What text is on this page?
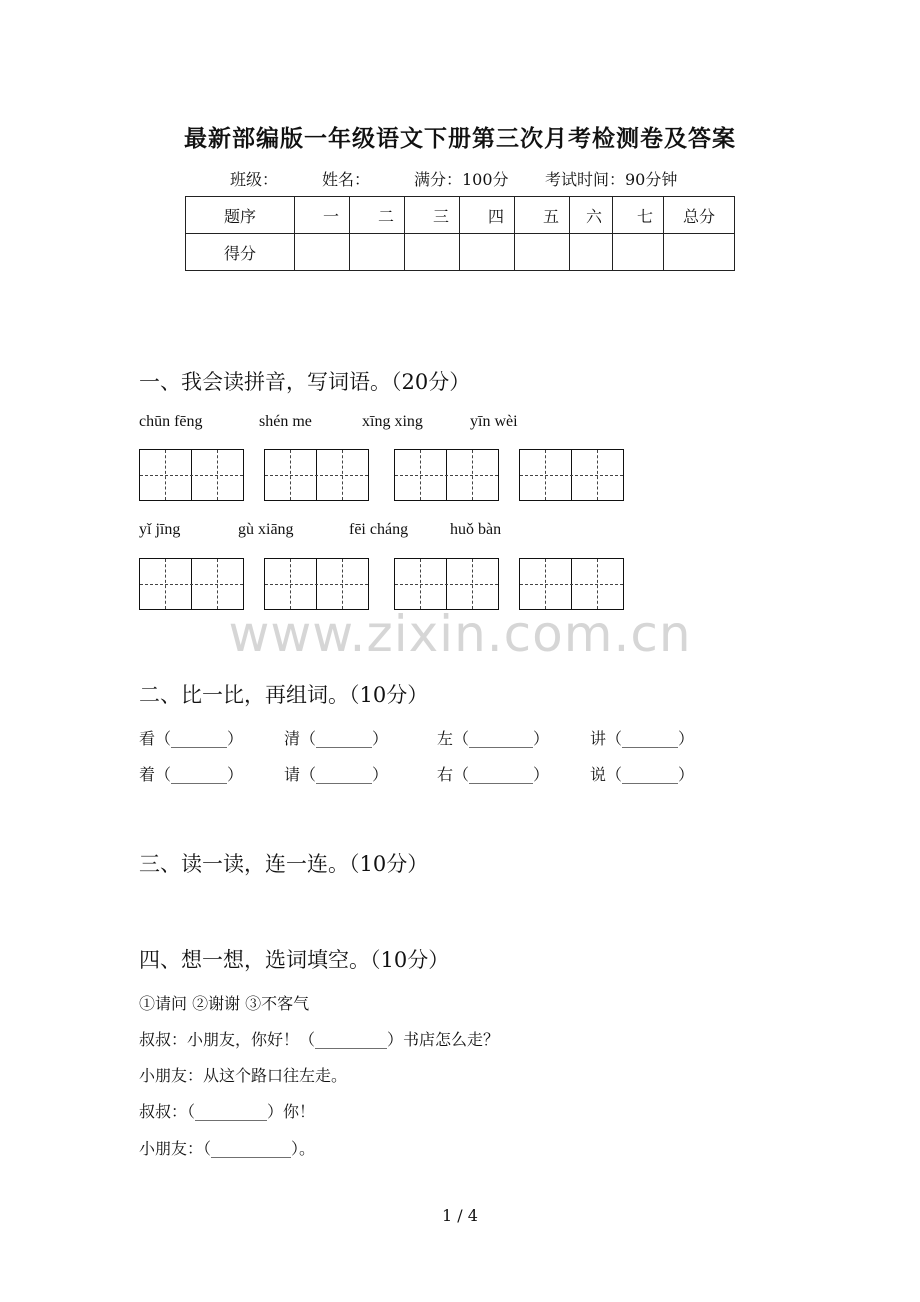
最新部编版一年级语文下册第三次月考检测卷及答案
班级：	姓名：	满分：100分 考试时间：90分钟
题序	一	二	三	四	五	六	七	总分
得分								
一、我会读拼音，写词语。（20分）
chūn fēng	shén me	xīng xing	yīn wèi
yǐ jīng	gù xiāng	fēi cháng	huǒ bàn
www.zixin.com.cn
二、比一比，再组词。（10分）
看（_______）	清（_______）	左（________）	讲（_______）
着（_______）	请（_______）	右（________）	说（_______）
三、读一读，连一连。（10分）
四、想一想，选词填空。（10分）
①请问 ②谢谢 ③不客气
叔叔：小朋友，你好！（_________）书店怎么走？
小朋友：从这个路口往左走。
叔叔：（_________）你！
小朋友：（__________）。
1 / 4
